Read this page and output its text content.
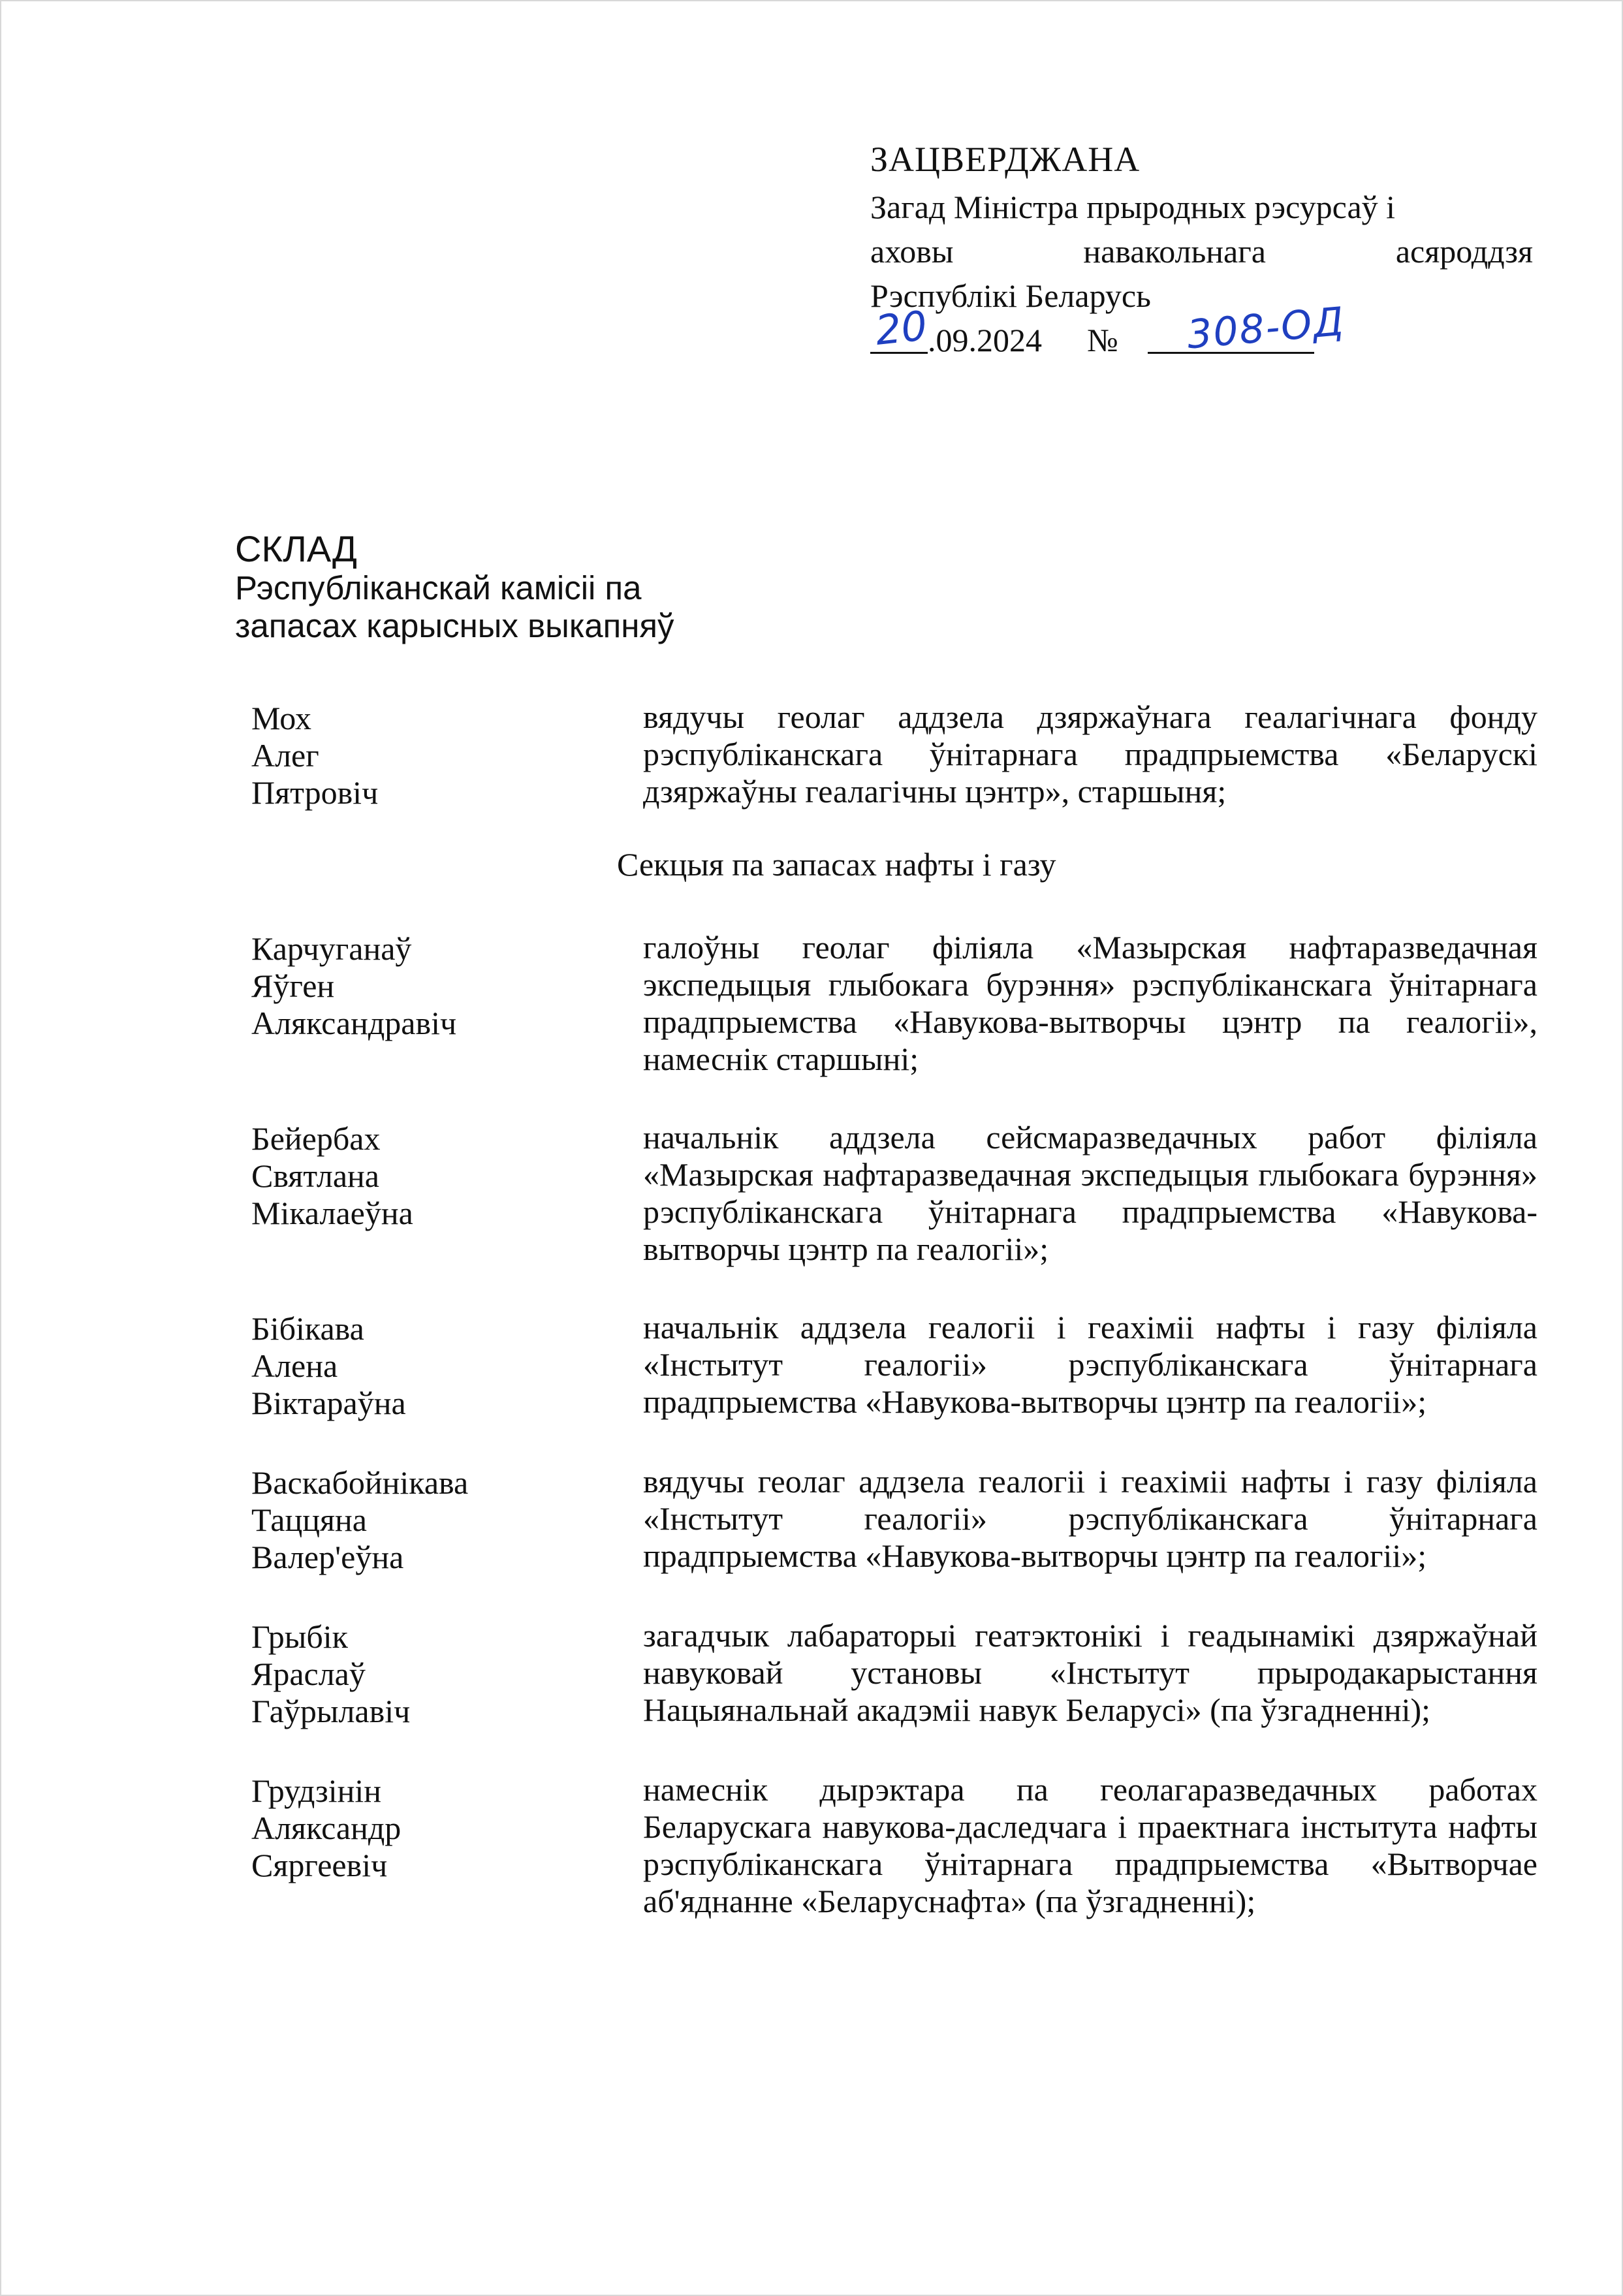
ЗАЦВЕРДЖАНА
Загад Міністра прыродных рэсурсаў і
аховы навакольнага асяроддзя
Рэспублікі Беларусь
20
.09.2024 № 308-ОД
СКЛАД
Рэспубліканскай камісіі па
запасах карысных выкапняў
Мох
Алег
Пятровіч
вядучы геолаг аддзела дзяржаўнага геалагічнага фонду рэспубліканскага ўнітарнага прадпрыемства «Беларускі дзяржаўны геалагічны цэнтр», старшыня;
Секцыя па запасах нафты і газу
Карчуганаў
Яўген
Аляксандравіч
галоўны геолаг філіяла «Мазырская нафтаразведачная экспедыцыя глыбокага бурэння» рэспубліканскага ўнітарнага прадпрыемства «Навукова-вытворчы цэнтр па геалогіі», намеснік старшыні;
Бейербах
Святлана
Мікалаеўна
начальнік аддзела сейсмаразведачных работ філіяла «Мазырская нафтаразведачная экспедыцыя глыбокага бурэння» рэспубліканскага ўнітарнага прадпрыемства «Навукова-вытворчы цэнтр па геалогіі»;
Бібікава
Алена
Віктараўна
начальнік аддзела геалогіі і геахіміі нафты і газу філіяла «Інстытут геалогіі» рэспубліканскага ўнітарнага прадпрыемства «Навукова-вытворчы цэнтр па геалогіі»;
Васкабойнікава
Таццяна
Валер'еўна
вядучы геолаг аддзела геалогіі і геахіміі нафты і газу філіяла «Інстытут геалогіі» рэспубліканскага ўнітарнага прадпрыемства «Навукова-вытворчы цэнтр па геалогіі»;
Грыбік
Яраслаў
Гаўрылавіч
загадчык лабараторыі геатэктонікі і геадынамікі дзяржаўнай навуковай установы «Інстытут прыродакарыстання Нацыянальнай акадэміі навук Беларусі» (па ўзгадненні);
Грудзінін
Аляксандр
Сяргеевіч
намеснік дырэктара па геолагаразведачных работах Беларускага навукова-даследчага і праектнага інстытута нафты рэспубліканскага ўнітарнага прадпрыемства «Вытворчае аб'яднанне «Беларуснафта» (па ўзгадненні);
